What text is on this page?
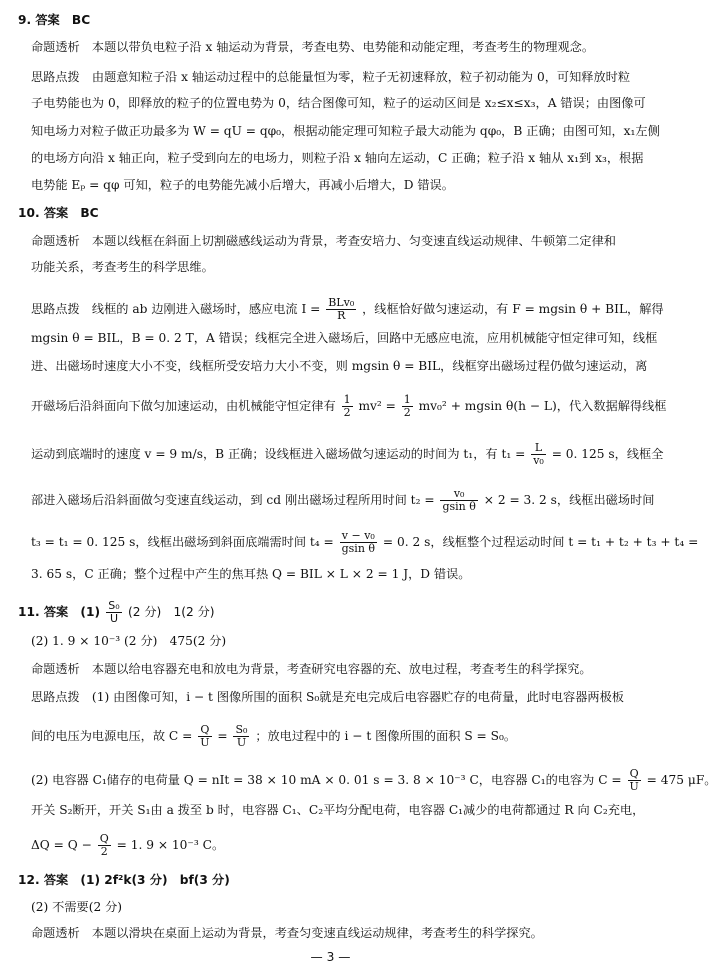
9. 答案　BC
命题透析　本题以带负电粒子沿 x 轴运动为背景，考查电势、电势能和动能定理，考查考生的物理观念。
思路点拨　由题意知粒子沿 x 轴运动过程中的总能量恒为零，粒子无初速释放，粒子初动能为 0，可知释放时粒
子电势能也为 0，即释放的粒子的位置电势为 0，结合图像可知，粒子的运动区间是 x₂≤x≤x₃，A 错误；由图像可
知电场力对粒子做正功最多为 W = qU = qφ₀，根据动能定理可知粒子最大动能为 qφ₀，B 正确；由图可知，x₁左侧
的电场方向沿 x 轴正向，粒子受到向左的电场力，则粒子沿 x 轴向左运动，C 正确；粒子沿 x 轴从 x₁到 x₃，根据
电势能 Eₚ = qφ 可知，粒子的电势能先减小后增大，再减小后增大，D 错误。
10. 答案　BC
命题透析　本题以线框在斜面上切割磁感线运动为背景，考查安培力、匀变速直线运动规律、牛顿第二定律和
功能关系，考查考生的科学思维。
思路点拨　线框的 ab 边刚进入磁场时，感应电流 $I = \frac{\text{BLv₀}}{R}$ ，线框恰好做匀速运动，有 F = mgsin θ + BIL，解得
mgsin θ = BIL，B = 0. 2 T，A 错误；线框完全进入磁场后，回路中无感应电流，应用机械能守恒定律可知，线框
进、出磁场时速度大小不变，线框所受安培力大小不变，则 mgsin θ = BIL，线框穿出磁场过程仍做匀速运动，离
开磁场后沿斜面向下做匀加速运动，由机械能守恒定律有 $\frac{1}{2} mv^2 = \frac{1}{2} mv_0^2 + mgsin$ θ(h − L)，代入数据解得线框
运动到底端时的速度 v = 9 m/s，B 正确；设线框进入磁场做匀速运动的时间为 t₁，有 $t_1 = \frac{L}{\text{v₀}} = 0$. 125 s，线框全
部进入磁场后沿斜面做匀变速直线运动，到 cd 刚出磁场过程所用时间 $t_2 = \frac{\text{v₀}}{\text{gsin θ}} \times 2 = 3$. 2 s，线框出磁场时间
t₃ = t₁ = 0. 125 s，线框出磁场到斜面底端需时间 $t_4 = \frac{\text{v − v₀}}{\text{gsin θ}} = 0$. 2 s，线框整个过程运动时间 t = t₁ + t₂ + t₃ + t₄ =
3. 65 s，C 正确；整个过程中产生的焦耳热 Q = BIL × L × 2 = 1 J，D 错误。
11. 答案　$(1) \frac{\text{S₀}}{U} (2$ 分)　1(2 分)
(2) 1. 9 × 10⁻³ (2 分)　475(2 分)
命题透析　本题以给电容器充电和放电为背景，考查研究电容器的充、放电过程，考查考生的科学探究。
思路点拨　(1) 由图像可知，i − t 图像所围的面积 S₀就是充电完成后电容器贮存的电荷量，此时电容器两极板
间的电压为电源电压，故 $C = \frac{Q}{U} = \frac{\text{S₀}}{U}$ ；放电过程中的 i − t 图像所围的面积 S = S₀。
(2) 电容器 C₁储存的电荷量 Q = nIt = 38 × 10 mA × 0. 01 s = 3. 8 × 10⁻³ C，电容器 C₁的电容为 $C = \frac{Q}{U} = 475$ μF。
开关 S₂断开，开关 S₁由 a 拨至 b 时，电容器 C₁、C₂平均分配电荷，电容器 C₁减少的电荷都通过 R 向 C₂充电，
$\Delta Q = Q - \frac{Q}{2} = 1$. 9 × 10⁻³ C。
12. 答案　(1) 2f²k(3 分)　bf(3 分)
(2) 不需要(2 分)
命题透析　本题以滑块在桌面上运动为背景，考查匀变速直线运动规律，考查考生的科学探究。
— 3 —
